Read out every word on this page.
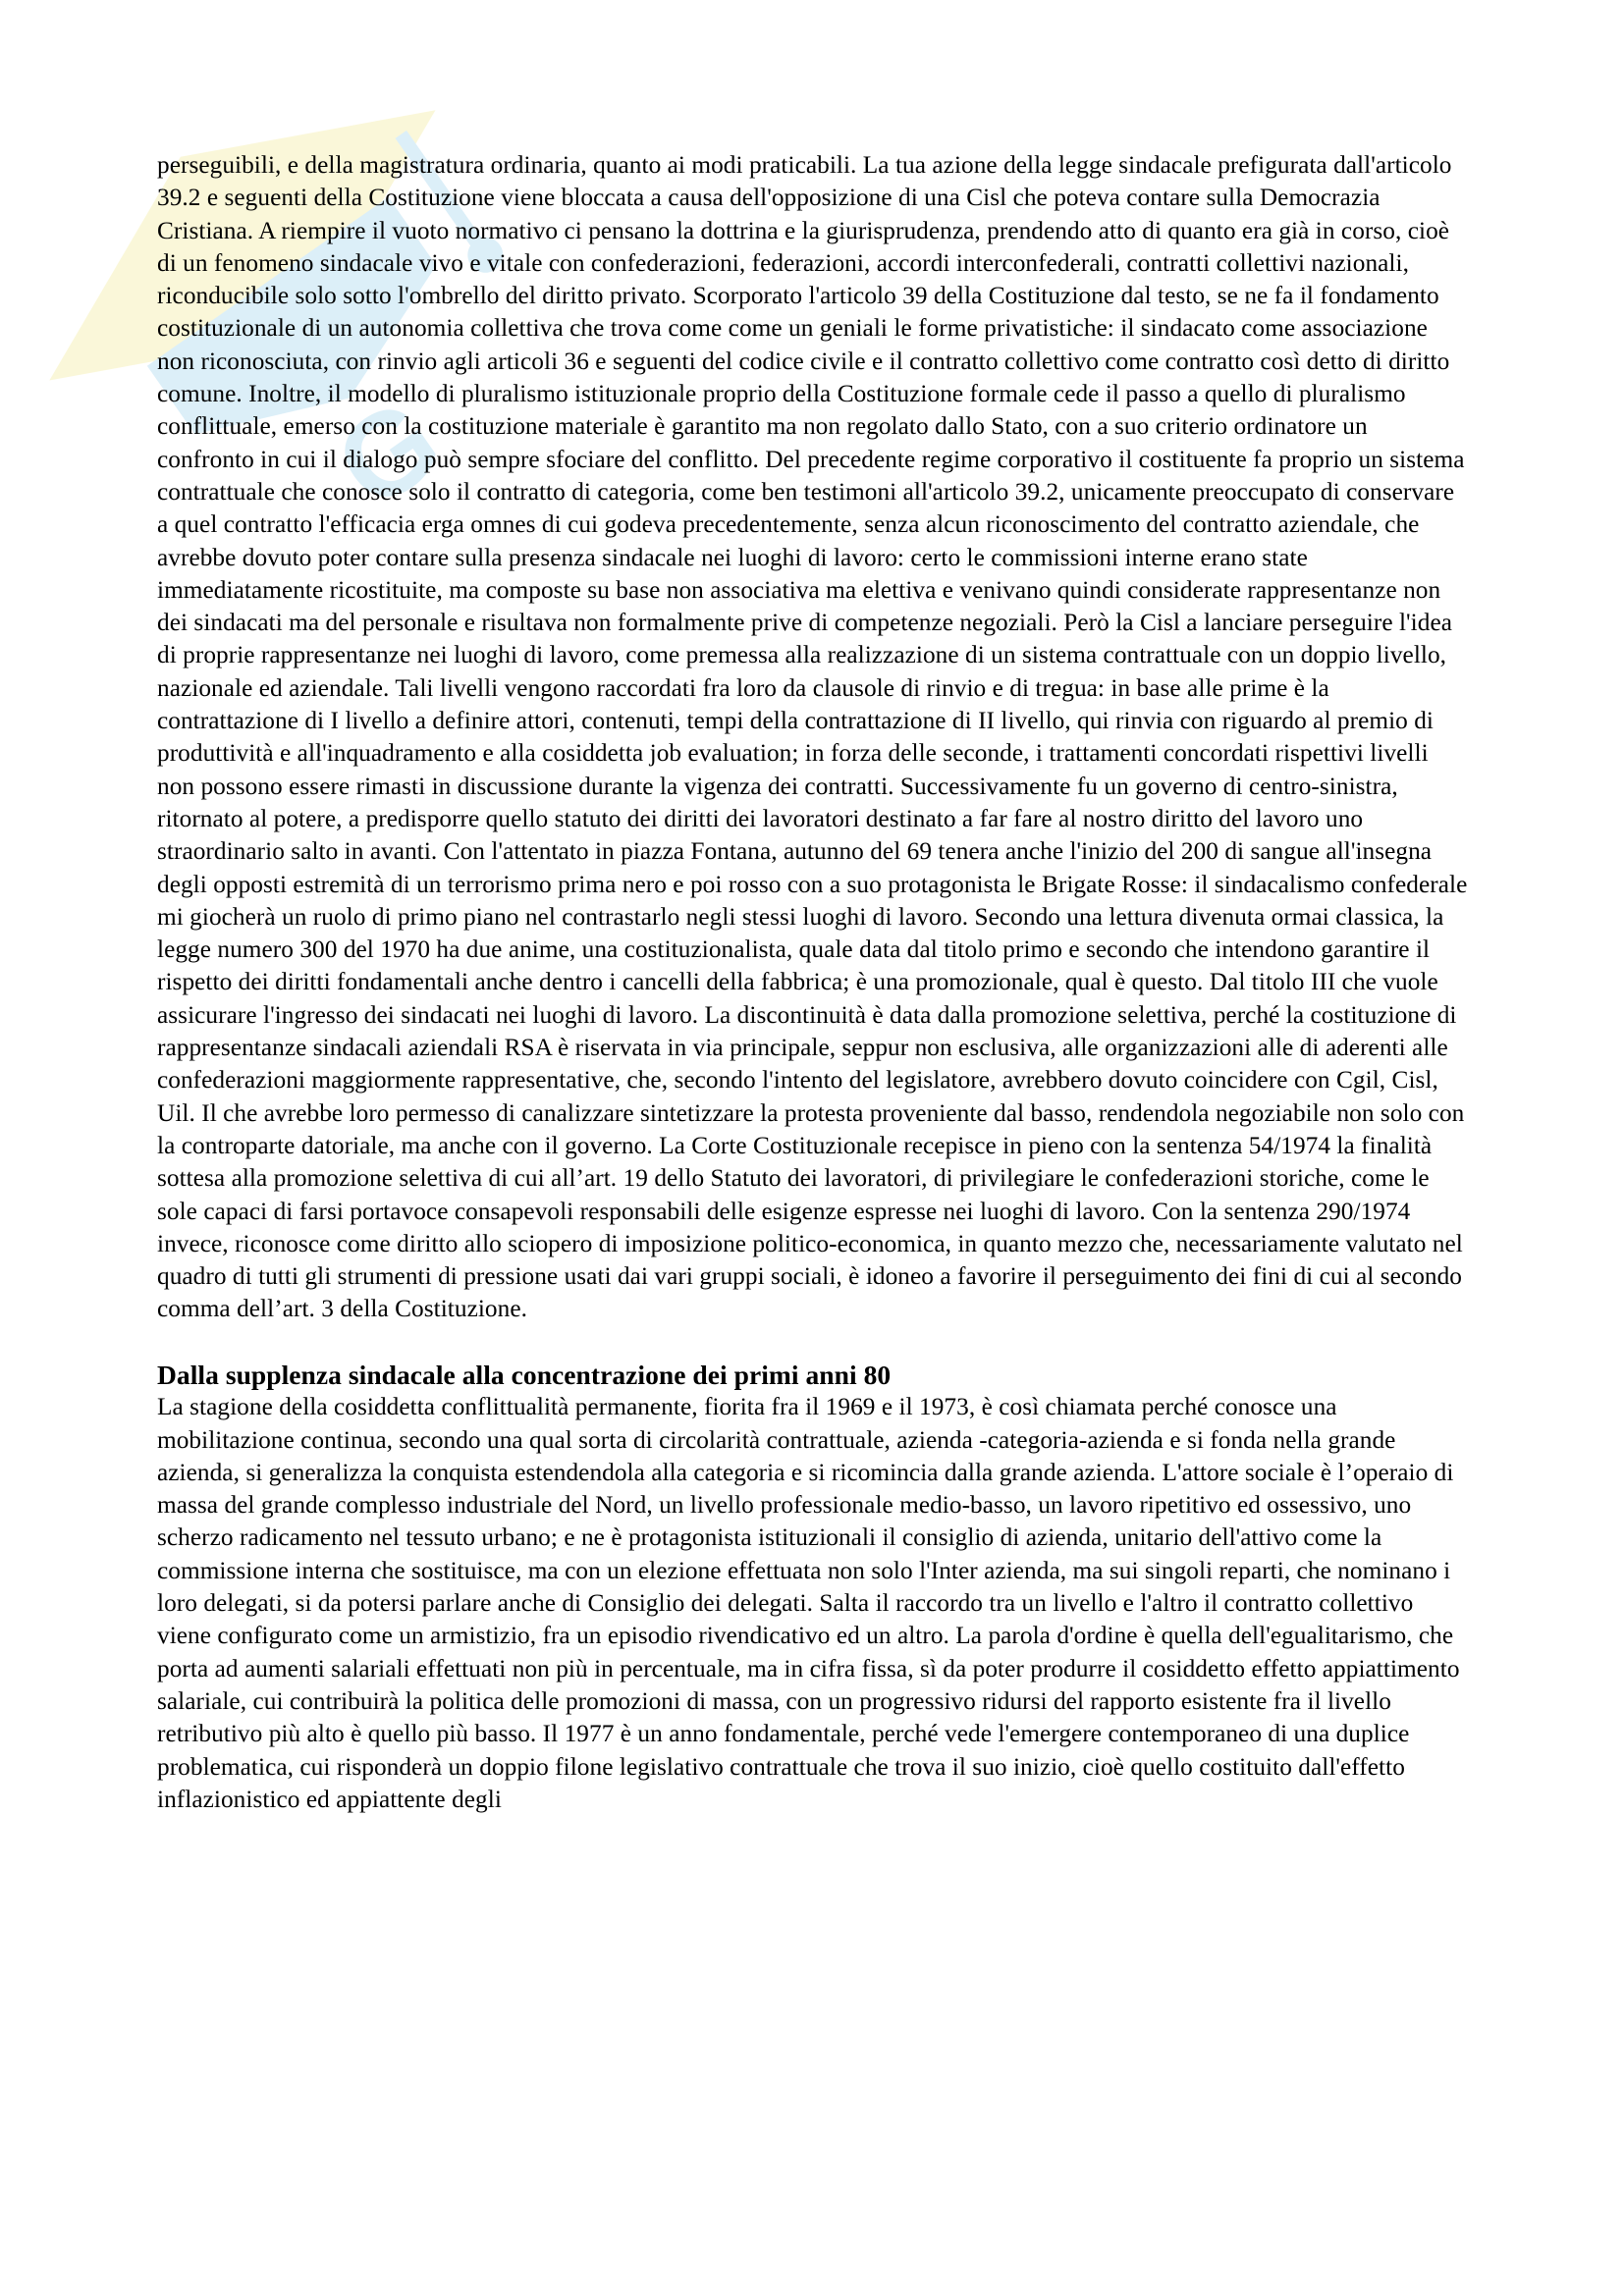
G

perseguibili, e della magistratura ordinaria, quanto ai modi praticabili. La tua azione della legge sindacale prefigurata dall'articolo 39.2 e seguenti della Costituzione viene bloccata a causa dell'opposizione di una Cisl che poteva contare sulla Democrazia Cristiana. A riempire il vuoto normativo ci pensano la dottrina e la giurisprudenza, prendendo atto di quanto era già in corso, cioè di un fenomeno sindacale vivo e vitale con confederazioni, federazioni, accordi interconfederali, contratti collettivi nazionali, riconducibile solo sotto l'ombrello del diritto privato. Scorporato l'articolo 39 della Costituzione dal testo, se ne fa il fondamento costituzionale di un autonomia collettiva che trova come come un geniali le forme privatistiche: il sindacato come associazione non riconosciuta, con rinvio agli articoli 36 e seguenti del codice civile e il contratto collettivo come contratto così detto di diritto comune. Inoltre, il modello di pluralismo istituzionale proprio della Costituzione formale cede il passo a quello di pluralismo conflittuale, emerso con la costituzione materiale è garantito ma non regolato dallo Stato, con a suo criterio ordinatore un confronto in cui il dialogo può sempre sfociare del conflitto. Del precedente regime corporativo il costituente fa proprio un sistema contrattuale che conosce solo il contratto di categoria, come ben testimoni all'articolo 39.2, unicamente preoccupato di conservare a quel contratto l'efficacia erga omnes di cui godeva precedentemente, senza alcun riconoscimento del contratto aziendale, che avrebbe dovuto poter contare sulla presenza sindacale nei luoghi di lavoro: certo le commissioni interne erano state immediatamente ricostituite, ma composte su base non associativa ma elettiva e venivano quindi considerate rappresentanze non dei sindacati ma del personale e risultava non formalmente prive di competenze negoziali. Però la Cisl a lanciare perseguire l'idea di proprie rappresentanze nei luoghi di lavoro, come premessa alla realizzazione di un sistema contrattuale con un doppio livello, nazionale ed aziendale. Tali livelli vengono raccordati fra loro da clausole di rinvio e di tregua: in base alle prime è la contrattazione di I livello a definire attori, contenuti, tempi della contrattazione di II livello, qui rinvia con riguardo al premio di produttività e all'inquadramento e alla cosiddetta job evaluation; in forza delle seconde, i trattamenti concordati rispettivi livelli non possono essere rimasti in discussione durante la vigenza dei contratti. Successivamente fu un governo di centro-sinistra, ritornato al potere, a predisporre quello statuto dei diritti dei lavoratori destinato a far fare al nostro diritto del lavoro uno straordinario salto in avanti. Con l'attentato in piazza Fontana, autunno del 69 tenera anche l'inizio del 200 di sangue all'insegna degli opposti estremità di un terrorismo prima nero e poi rosso con a suo protagonista le Brigate Rosse: il sindacalismo confederale mi giocherà un ruolo di primo piano nel contrastarlo negli stessi luoghi di lavoro. Secondo una lettura divenuta ormai classica, la legge numero 300 del 1970 ha due anime, una costituzionalista, quale data dal titolo primo e secondo che intendono garantire il rispetto dei diritti fondamentali anche dentro i cancelli della fabbrica; è una promozionale, qual è questo. Dal titolo III che vuole assicurare l'ingresso dei sindacati nei luoghi di lavoro. La discontinuità è data dalla promozione selettiva, perché la costituzione di rappresentanze sindacali aziendali RSA è riservata in via principale, seppur non esclusiva, alle organizzazioni alle di aderenti alle confederazioni maggiormente rappresentative, che, secondo l'intento del legislatore, avrebbero dovuto coincidere con Cgil, Cisl, Uil. Il che avrebbe loro permesso di canalizzare sintetizzare la protesta proveniente dal basso, rendendola negoziabile non solo con la controparte datoriale, ma anche con il governo. La Corte Costituzionale recepisce in pieno con la sentenza 54/1974 la finalità sottesa alla promozione selettiva di cui all’art. 19 dello Statuto dei lavoratori, di privilegiare le confederazioni storiche, come le sole capaci di farsi portavoce consapevoli responsabili delle esigenze espresse nei luoghi di lavoro. Con la sentenza 290/1974 invece, riconosce come diritto allo sciopero di imposizione politico-economica, in quanto mezzo che, necessariamente valutato nel quadro di tutti gli strumenti di pressione usati dai vari gruppi sociali, è idoneo a favorire il perseguimento dei fini di cui al secondo comma dell’art. 3 della Costituzione.

Dalla supplenza sindacale alla concentrazione dei primi anni 80

La stagione della cosiddetta conflittualità permanente, fiorita fra il 1969 e il 1973, è così chiamata perché conosce una mobilitazione continua, secondo una qual sorta di circolarità contrattuale, azienda -categoria-azienda e si fonda nella grande azienda, si generalizza la conquista estendendola alla categoria e si ricomincia dalla grande azienda. L'attore sociale è l’operaio di massa del grande complesso industriale del Nord, un livello professionale medio-basso, un lavoro ripetitivo ed ossessivo, uno scherzo radicamento nel tessuto urbano; e ne è protagonista istituzionali il consiglio di azienda, unitario dell'attivo come la commissione interna che sostituisce, ma con un elezione effettuata non solo l'Inter azienda, ma sui singoli reparti, che nominano i loro delegati, si da potersi parlare anche di Consiglio dei delegati. Salta il raccordo tra un livello e l'altro il contratto collettivo viene configurato come un armistizio, fra un episodio rivendicativo ed un altro. La parola d'ordine è quella dell'egualitarismo, che porta ad aumenti salariali effettuati non più in percentuale, ma in cifra fissa, sì da poter produrre il cosiddetto effetto appiattimento salariale, cui contribuirà la politica delle promozioni di massa, con un progressivo ridursi del rapporto esistente fra il livello retributivo più alto è quello più basso. Il 1977 è un anno fondamentale, perché vede l'emergere contemporaneo di una duplice problematica, cui risponderà un doppio filone legislativo contrattuale che trova il suo inizio, cioè quello costituito dall'effetto inflazionistico ed appiattente degli
